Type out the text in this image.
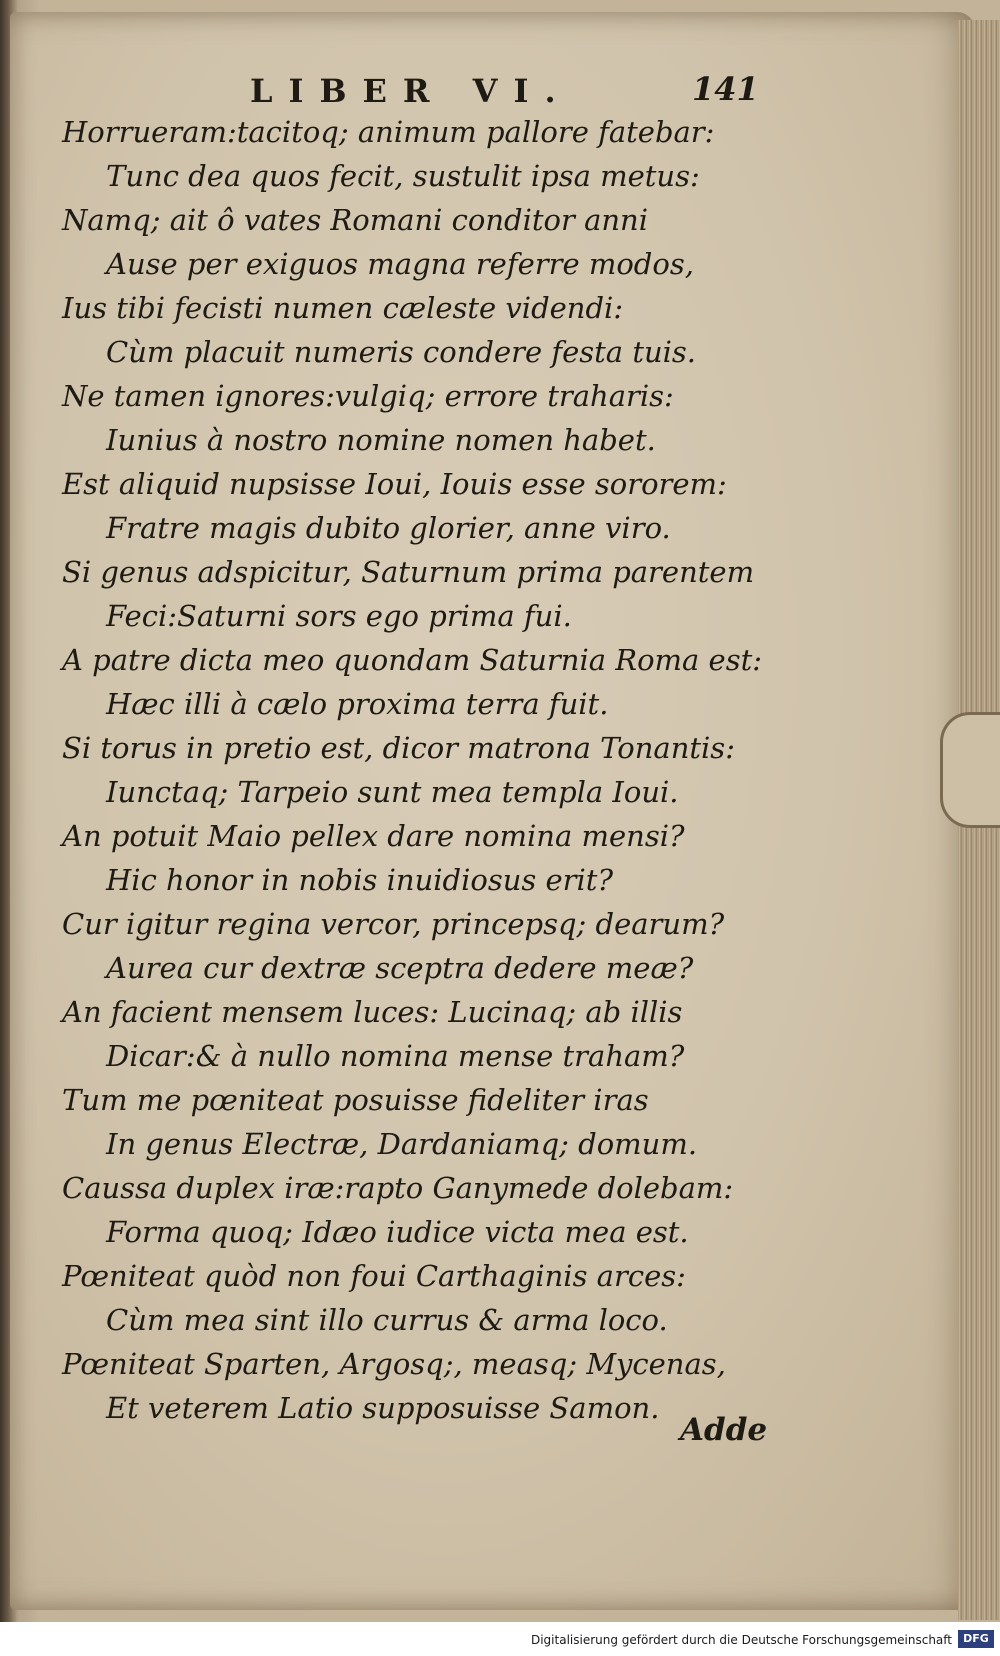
LIBER VI.	141
Horrueram:tacitoq; animum pallore fatebar:
Tunc dea quos fecit, sustulit ipsa metus:
Namq; ait ô vates Romani conditor anni
Ause per exiguos magna referre modos,
Ius tibi fecisti numen cæleste videndi:
Cùm placuit numeris condere festa tuis.
Ne tamen ignores:vulgiq; errore traharis:
Iunius à nostro nomine nomen habet.
Est aliquid nupsisse Ioui, Iouis esse sororem:
Fratre magis dubito glorier, anne viro.
Si genus adspicitur, Saturnum prima parentem
Feci:Saturni sors ego prima fui.
A patre dicta meo quondam Saturnia Roma est:
Hæc illi à cælo proxima terra fuit.
Si torus in pretio est, dicor matrona Tonantis:
Iunctaq; Tarpeio sunt mea templa Ioui.
An potuit Maio pellex dare nomina mensi?
Hic honor in nobis inuidiosus erit?
Cur igitur regina vercor, princepsq; dearum?
Aurea cur dextræ sceptra dedere meæ?
An facient mensem luces: Lucinaq; ab illis
Dicar:& à nullo nomina mense traham?
Tum me pœniteat posuisse fideliter iras
In genus Electræ, Dardaniamq; domum.
Caussa duplex iræ:rapto Ganymede dolebam:
Forma quoq; Idæo iudice victa mea est.
Pœniteat quòd non foui Carthaginis arces:
Cùm mea sint illo currus & arma loco.
Pœniteat Sparten, Argosq;, measq; Mycenas,
Et veterem Latio supposuisse Samon.
Adde
Digitalisierung gefördert durch die Deutsche Forschungsgemeinschaft	DFG
